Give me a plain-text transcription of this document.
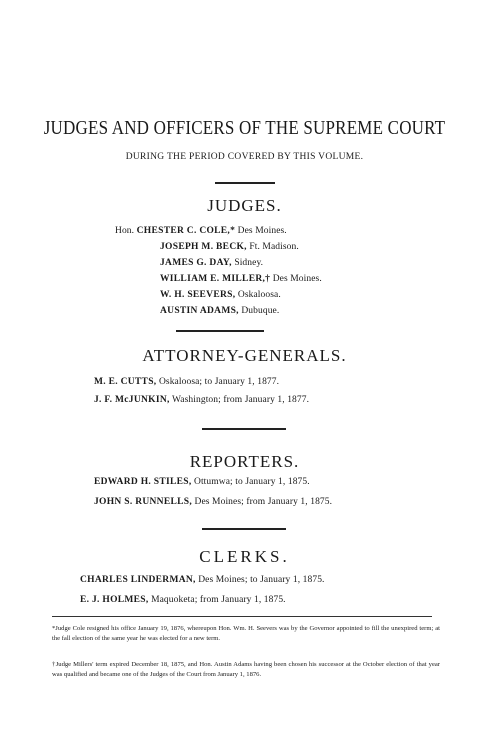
JUDGES AND OFFICERS OF THE SUPREME COURT
DURING THE PERIOD COVERED BY THIS VOLUME.
JUDGES.
Hon. CHESTER C. COLE,* Des Moines.
JOSEPH M. BECK, Ft. Madison.
JAMES G. DAY, Sidney.
WILLIAM E. MILLER,† Des Moines.
W. H. SEEVERS, Oskaloosa.
AUSTIN ADAMS, Dubuque.
ATTORNEY-GENERALS.
M. E. CUTTS, Oskaloosa; to January 1, 1877.
J. F. McJUNKIN, Washington; from January 1, 1877.
REPORTERS.
EDWARD H. STILES, Ottumwa; to January 1, 1875.
JOHN S. RUNNELLS, Des Moines; from January 1, 1875.
CLERKS.
CHARLES LINDERMAN, Des Moines; to January 1, 1875.
E. J. HOLMES, Maquoketa; from January 1, 1875.
*Judge Cole resigned his office January 19, 1876, whereupon Hon. Wm. H. Seevers was by the Governor appointed to fill the unexpired term; at the fall election of the same year he was elected for a new term.
†Judge Millers' term expired December 18, 1875, and Hon. Austin Adams having been chosen his successor at the October election of that year was qualified and became one of the Judges of the Court from January 1, 1876.
